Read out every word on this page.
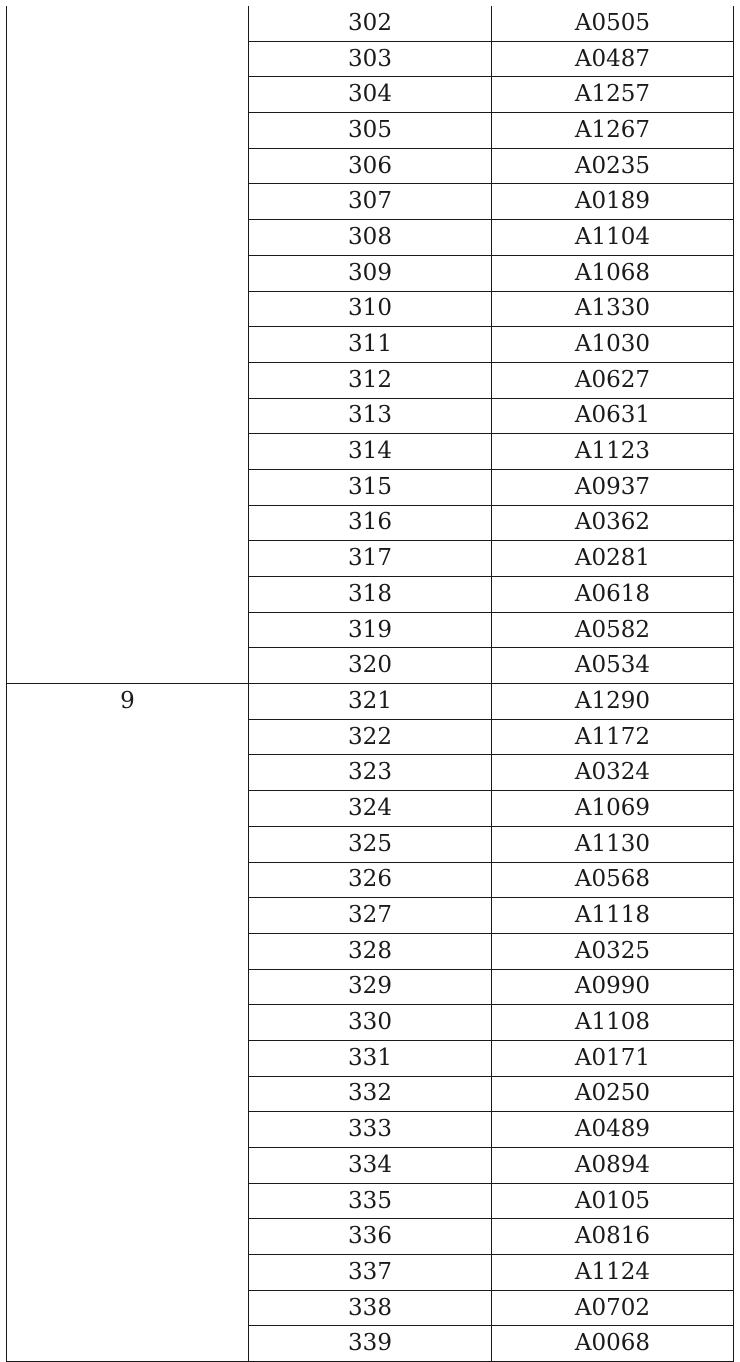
	302	A0505
	303	A0487
	304	A1257
	305	A1267
	306	A0235
	307	A0189
	308	A1104
	309	A1068
	310	A1330
	311	A1030
	312	A0627
	313	A0631
	314	A1123
	315	A0937
	316	A0362
	317	A0281
	318	A0618
	319	A0582
	320	A0534

9	321	A1290
	322	A1172
	323	A0324
	324	A1069
	325	A1130
	326	A0568
	327	A1118
	328	A0325
	329	A0990
	330	A1108
	331	A0171
	332	A0250
	333	A0489
	334	A0894
	335	A0105
	336	A0816
	337	A1124
	338	A0702
	339	A0068
